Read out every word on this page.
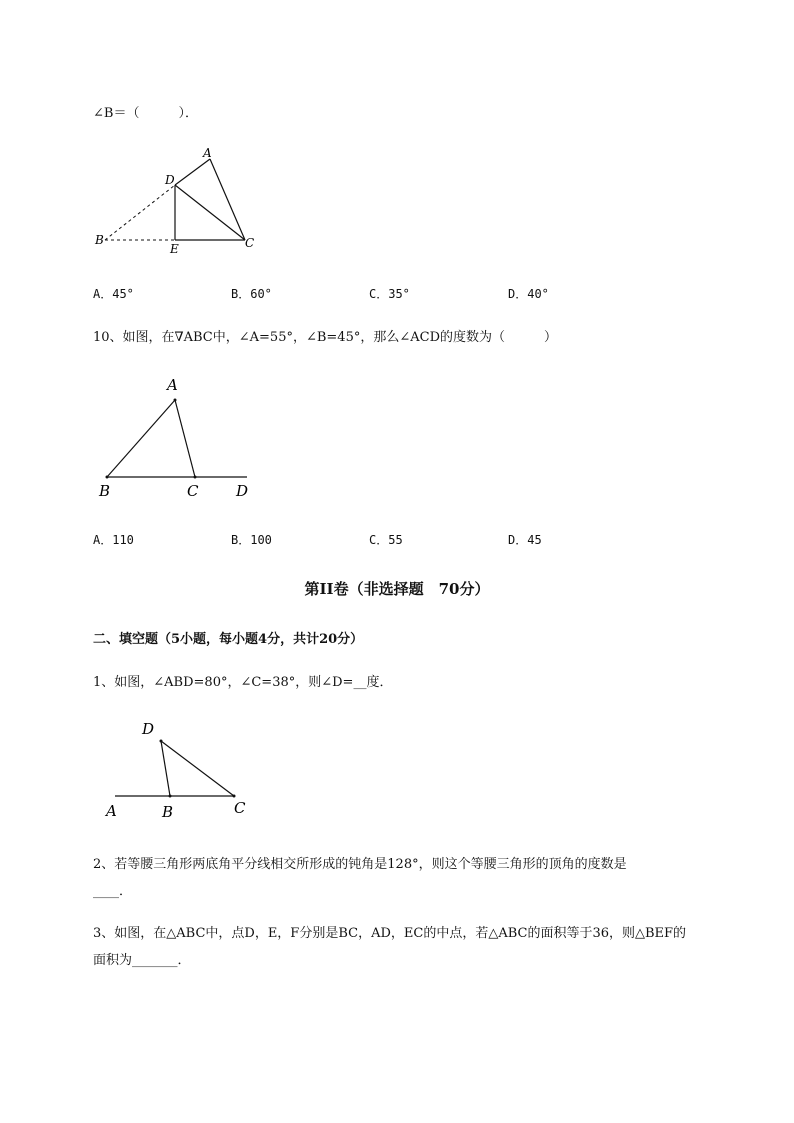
∠B＝（　　　）．
A
D
B
E	C
A．45°	B．60°	C．35°	D．40°
10、如图，在∇ABC中，∠A=55°，∠B=45°，那么∠ACD的度数为（　　　）
A
B	C	D
A．110	B．100	C．55	D．45
第II卷（非选择题　70分）
二、填空题（5小题，每小题4分，共计20分）
1、如图，∠ABD=80°，∠C=38°，则∠D=__度．
D
A	B	C
2、若等腰三角形两底角平分线相交所形成的钝角是128°，则这个等腰三角形的顶角的度数是
____．
3、如图，在△ABC中，点D，E，F分别是BC，AD，EC的中点，若△ABC的面积等于36，则△BEF的
面积为_______．
